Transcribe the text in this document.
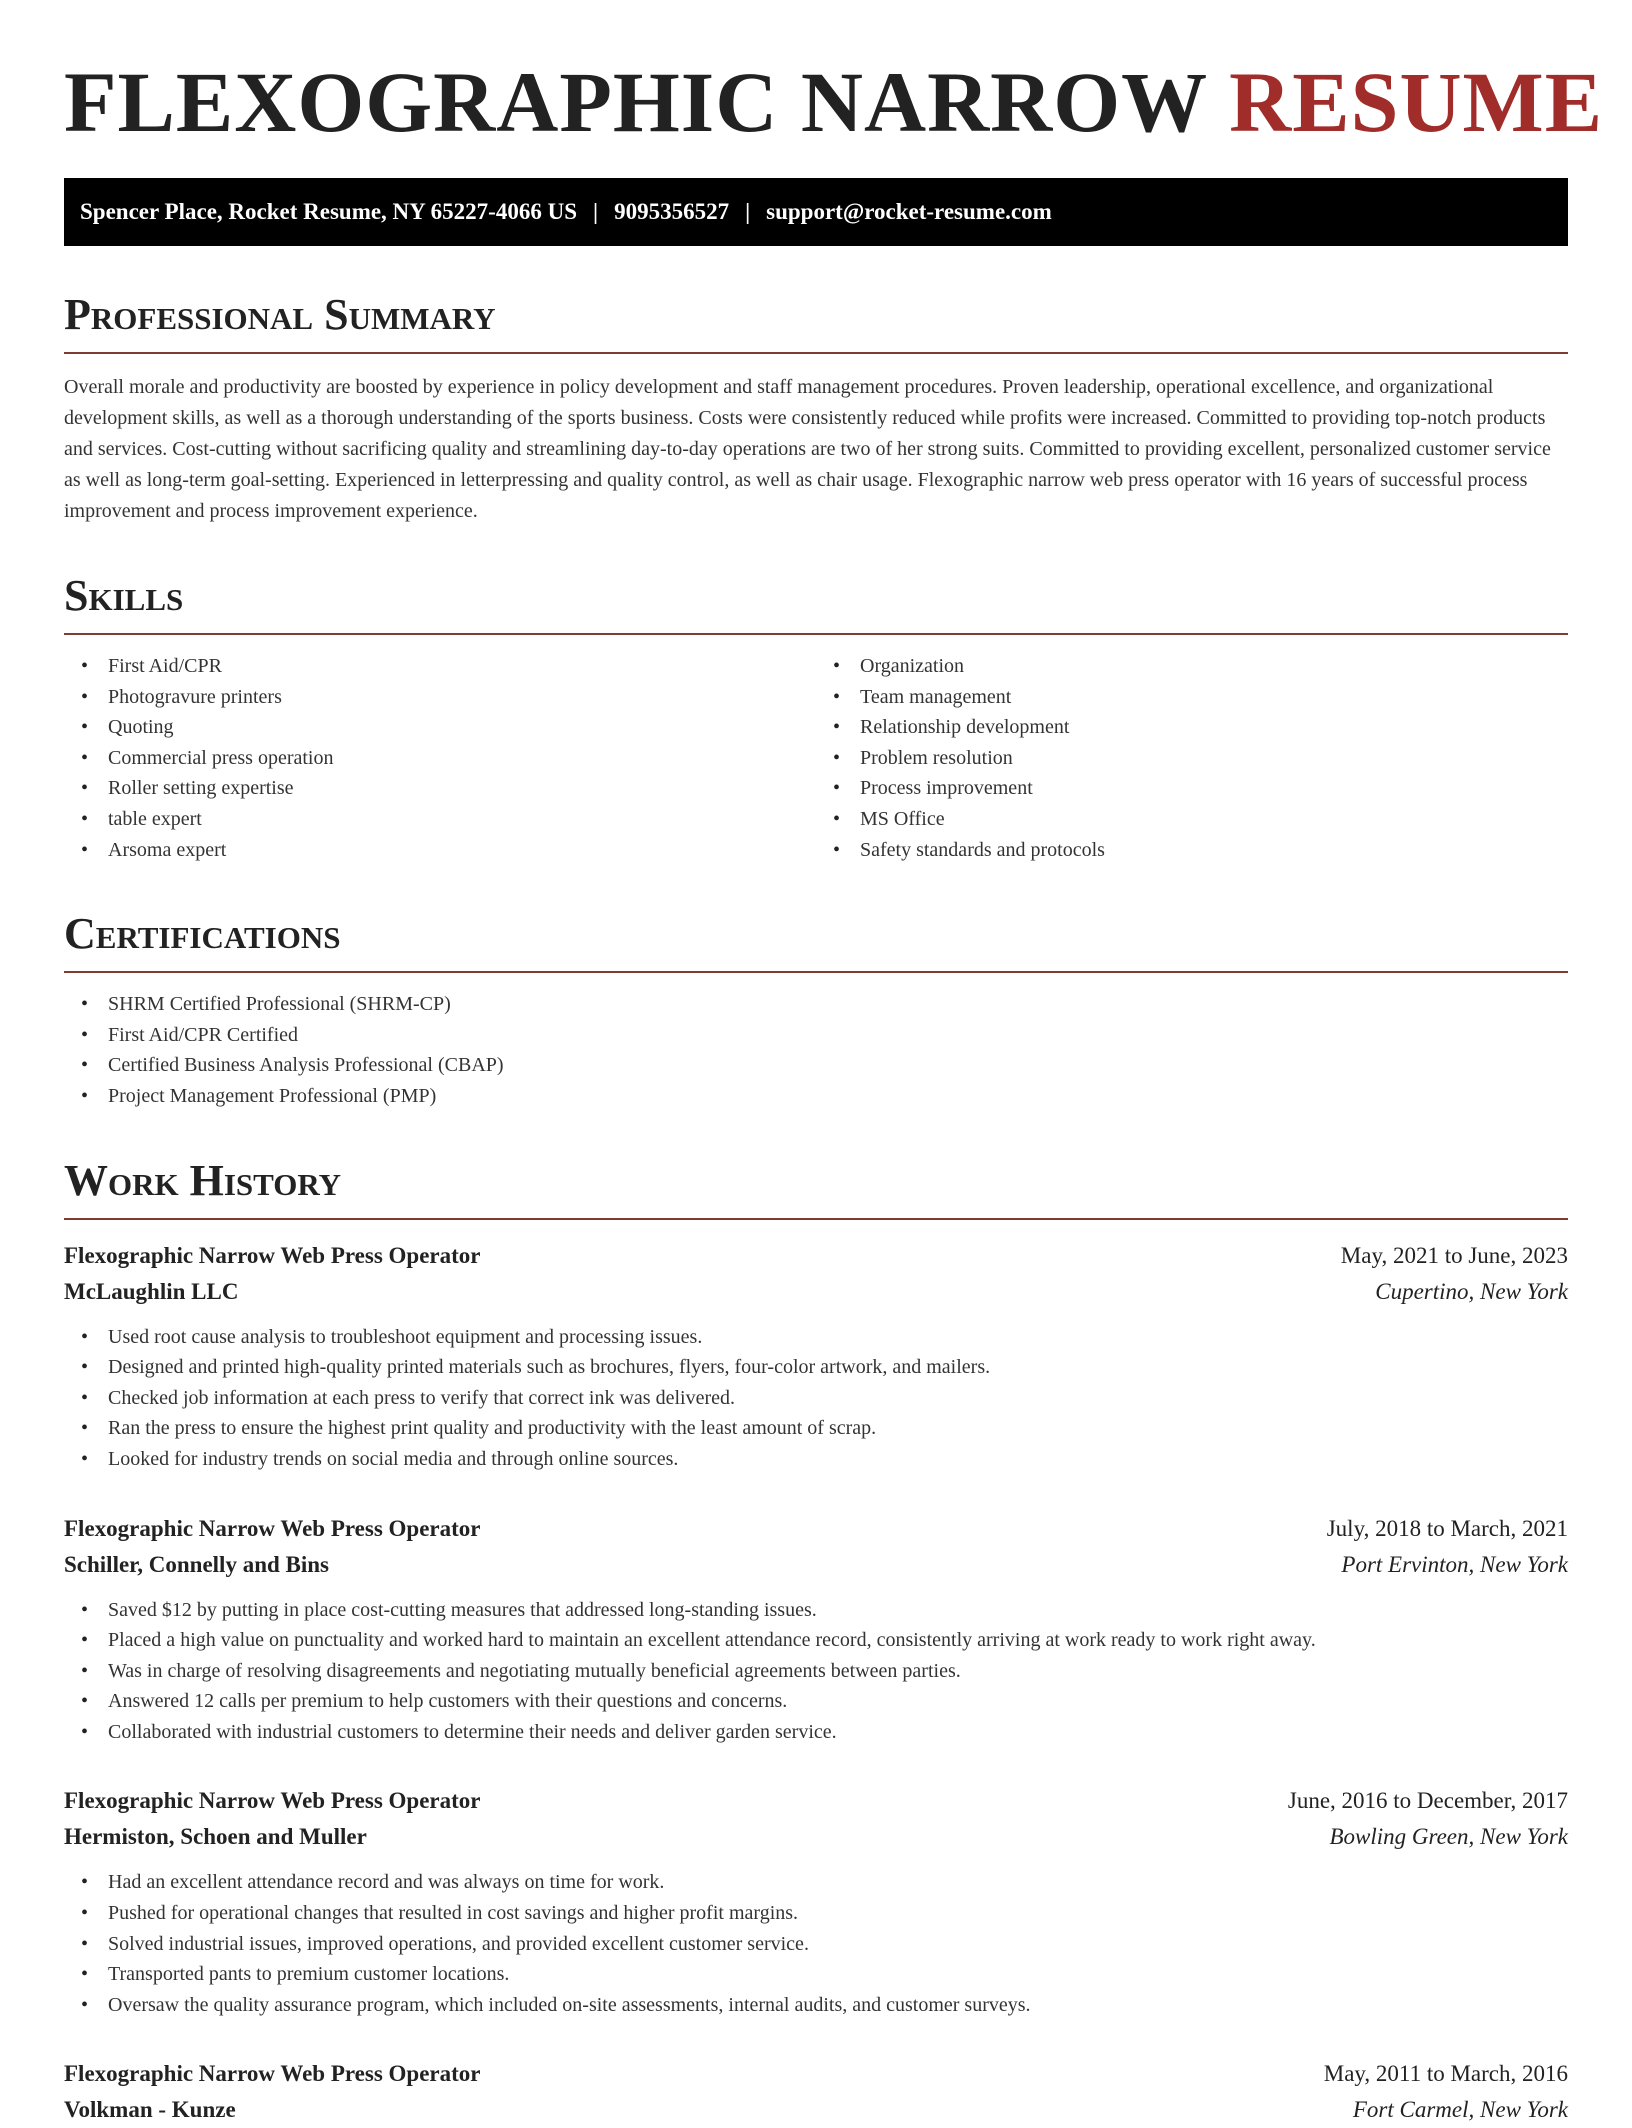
FLEXOGRAPHIC NARROW RESUME
Spencer Place, Rocket Resume, NY 65227-4066 US | 9095356527 | support@rocket-resume.com
Professional Summary

Overall morale and productivity are boosted by experience in policy development and staff management procedures. Proven leadership, operational excellence, and organizational development skills, as well as a thorough understanding of the sports business. Costs were consistently reduced while profits were increased. Committed to providing top-notch products and services. Cost-cutting without sacrificing quality and streamlining day-to-day operations are two of her strong suits. Committed to providing excellent, personalized customer service as well as long-term goal-setting. Experienced in letterpressing and quality control, as well as chair usage. Flexographic narrow web press operator with 16 years of successful process improvement and process improvement experience.

Skills
• First Aid/CPR
• Photogravure printers
• Quoting
• Commercial press operation
• Roller setting expertise
• table expert
• Arsoma expert
• Organization
• Team management
• Relationship development
• Problem resolution
• Process improvement
• MS Office
• Safety standards and protocols
Certifications
• SHRM Certified Professional (SHRM-CP)
• First Aid/CPR Certified
• Certified Business Analysis Professional (CBAP)
• Project Management Professional (PMP)
Work History
Flexographic Narrow Web Press Operator	May, 2021 to June, 2023
McLaughlin LLC	Cupertino, New York
• Used root cause analysis to troubleshoot equipment and processing issues.
• Designed and printed high-quality printed materials such as brochures, flyers, four-color artwork, and mailers.
• Checked job information at each press to verify that correct ink was delivered.
• Ran the press to ensure the highest print quality and productivity with the least amount of scrap.
• Looked for industry trends on social media and through online sources.
Flexographic Narrow Web Press Operator	July, 2018 to March, 2021
Schiller, Connelly and Bins	Port Ervinton, New York
• Saved $12 by putting in place cost-cutting measures that addressed long-standing issues.
• Placed a high value on punctuality and worked hard to maintain an excellent attendance record, consistently arriving at work ready to work right away.
• Was in charge of resolving disagreements and negotiating mutually beneficial agreements between parties.
• Answered 12 calls per premium to help customers with their questions and concerns.
• Collaborated with industrial customers to determine their needs and deliver garden service.
Flexographic Narrow Web Press Operator	June, 2016 to December, 2017
Hermiston, Schoen and Muller	Bowling Green, New York
• Had an excellent attendance record and was always on time for work.
• Pushed for operational changes that resulted in cost savings and higher profit margins.
• Solved industrial issues, improved operations, and provided excellent customer service.
• Transported pants to premium customer locations.
• Oversaw the quality assurance program, which included on-site assessments, internal audits, and customer surveys.
Flexographic Narrow Web Press Operator	May, 2011 to March, 2016
Volkman - Kunze	Fort Carmel, New York
